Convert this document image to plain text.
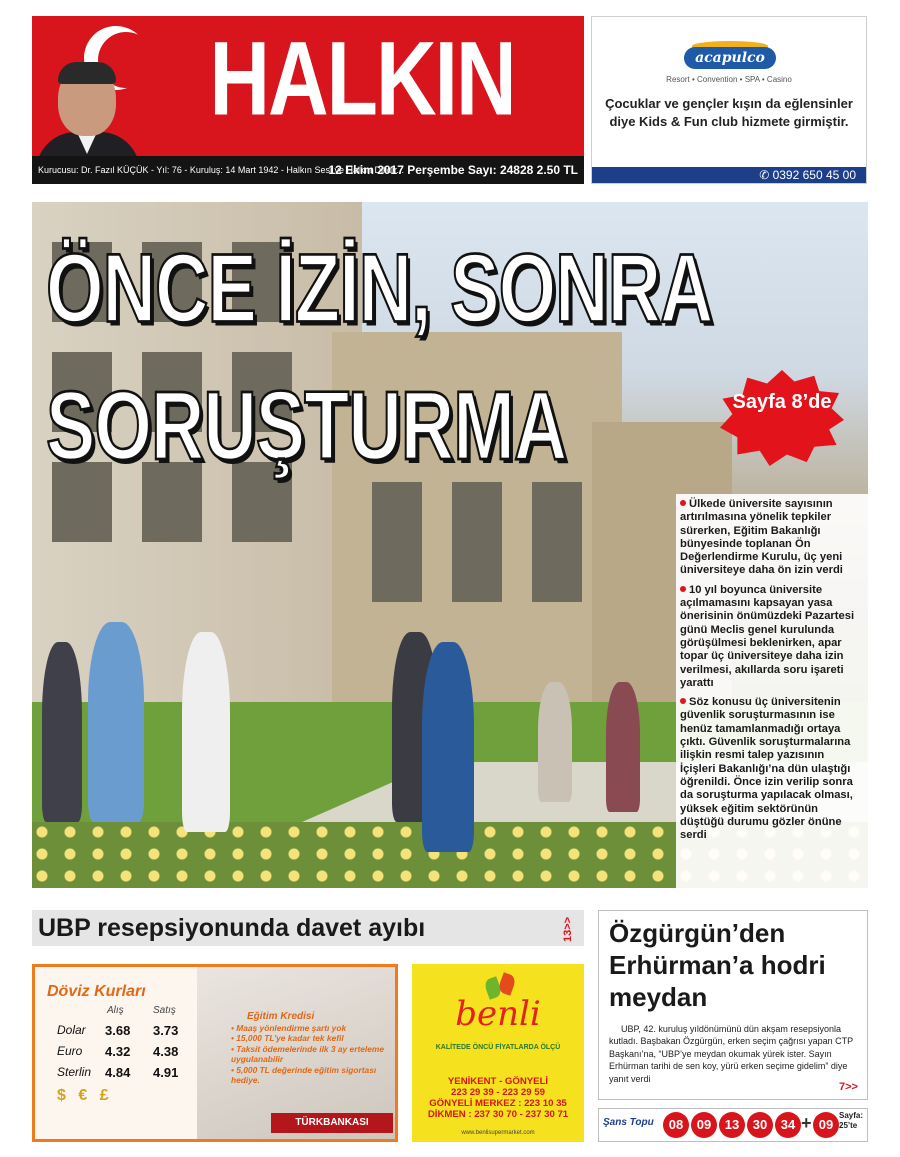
HALKIN
Kurucusu: Dr. Fazıl KÜÇÜK - Yıl: 76 - Kuruluş: 14 Mart 1942 - Halkın Sesi ve Halkın Dilidir...
12 Ekim 2017 Perşembe Sayı: 24828 2.50 TL
acapulco
Resort • Convention • SPA • Casino
Çocuklar ve gençler kışın da eğlensinler diye Kids & Fun club hizmete girmiştir.
✆ 0392 650 45 00
ÖNCE İZİN, SONRA SORUŞTURMA	Sayfa 8’de
Ülkede üniversite sayısının artırılmasına yönelik tepkiler sürerken, Eğitim Bakanlığı bünyesinde toplanan Ön Değerlendirme Kurulu, üç yeni üniversiteye daha ön izin verdi
10 yıl boyunca üniversite açılmamasını kapsayan yasa önerisinin önümüzdeki Pazartesi günü Meclis genel kurulunda görüşülmesi beklenirken, apar topar üç üniversiteye daha izin verilmesi, akıllarda soru işareti yarattı
Söz konusu üç üniversitenin güvenlik soruşturmasının ise henüz tamamlanmadığı ortaya çıktı. Güvenlik soruşturmalarına ilişkin resmi talep yazısının İçişleri Bakanlığı’na dün ulaştığı öğrenildi. Önce izin verilip sonra da soruşturma yapılacak olması, yüksek eğitim sektörünün düştüğü durumu gözler önüne serdi
UBP resepsiyonunda davet ayıbı	13>>
Döviz Kurları
Alış	Satış
Dolar 3.68 3.73
Euro 4.32 4.38
Sterlin 4.84 4.91
$ € £
Eğitim Kredisi
• Maaş yönlendirme şartı yok
• 15,000 TL’ye kadar tek kefil
• Taksit ödemelerinde ilk 3 ay erteleme uygulanabilir
• 5,000 TL değerinde eğitim sigortası hediye.
TÜRKBANKASI
benli
KALİTEDE ÖNCÜ FİYATLARDA ÖLÇÜ
YENİKENT - GÖNYELİ
223 29 39 - 223 29 59
GÖNYELİ MERKEZ : 223 10 35
DİKMEN : 237 30 70 - 237 30 71
www.benlisupermarket.com
Özgürgün’den Erhürman’a hodri meydan
UBP, 42. kuruluş yıldönümünü dün akşam resepsiyonla kutladı. Başbakan Özgürgün, erken seçim çağrısı yapan CTP Başkanı’na, “UBP’ye meydan okumak yürek ister. Sayın Erhürman tarihi de sen koy, yürü erken seçime gidelim” diye yanıt verdi
7>>
Şans Topu	08	09	13	30	34 + 09
Sayfa: 25’te
